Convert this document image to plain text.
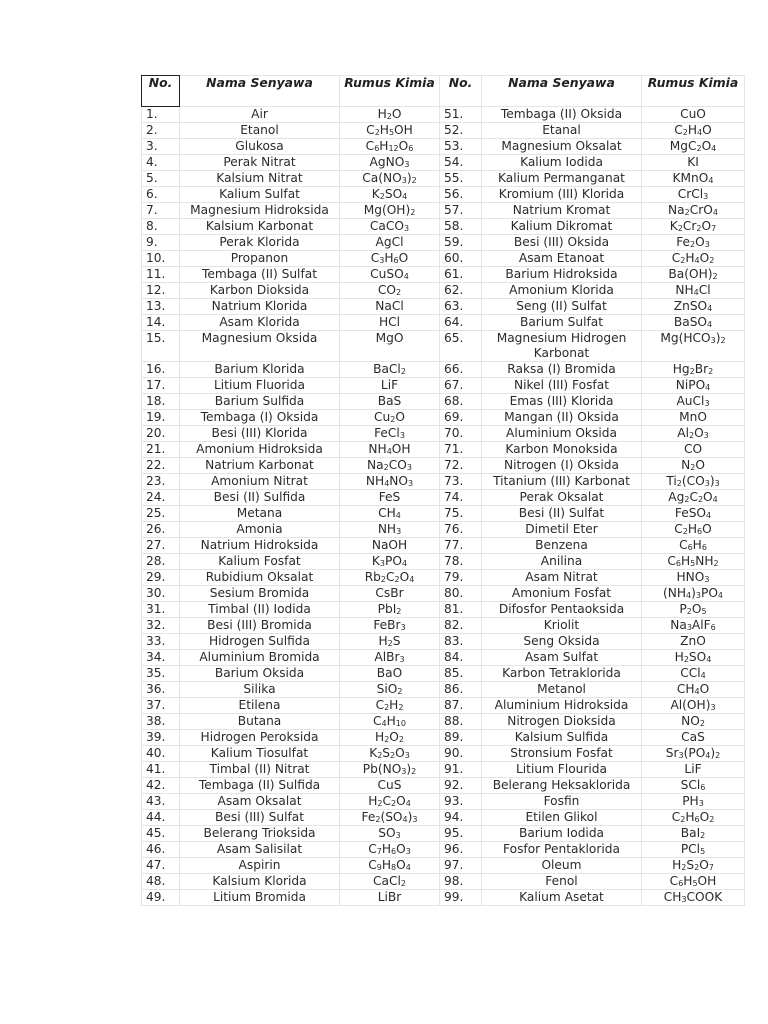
No.	Nama Senyawa	Rumus Kimia	No.	Nama Senyawa	Rumus Kimia
1.	Air	$H_2O$	51.	Tembaga (II) Oksida	CuO
2.	Etanol	$C_2H_5OH$	52.	Etanal	$C_2H_4O$
3.	Glukosa	$C_6H_{12}O_6$	53.	Magnesium Oksalat	$MgC_2O_4$
4.	Perak Nitrat	AgNO$_3$	54.	Kalium Iodida	KI
5.	Kalsium Nitrat	$Ca(NO_3)_2$	55.	Kalium Permanganat	KMnO$_4$
6.	Kalium Sulfat	$K_2SO_4$	56.	Kromium (III) Klorida	CrCl$_3$
7.	Magnesium Hidroksida	$Mg(OH)_2$	57.	Natrium Kromat	$Na_2CrO_4$
8.	Kalsium Karbonat	CaCO$_3$	58.	Kalium Dikromat	$K_2Cr_2O_7$
9.	Perak Klorida	AgCl	59.	Besi (III) Oksida	$Fe_2O_3$
10.	Propanon	$C_3H_6O$	60.	Asam Etanoat	$C_2H_4O_2$
11.	Tembaga (II) Sulfat	CuSO$_4$	61.	Barium Hidroksida	$Ba(OH)_2$
12.	Karbon Dioksida	$CO_2$	62.	Amonium Klorida	$NH_4Cl$
13.	Natrium Klorida	NaCl	63.	Seng (II) Sulfat	ZnSO$_4$
14.	Asam Klorida	HCl	64.	Barium Sulfat	BaSO$_4$
15.	Magnesium Oksida	MgO	65.	Magnesium Hidrogen Karbonat	$Mg(HCO_3)_2$
16.	Barium Klorida	BaCl$_2$	66.	Raksa (I) Bromida	$Hg_2Br_2$
17.	Litium Fluorida	LiF	67.	Nikel (III) Fosfat	NiPO$_4$
18.	Barium Sulfida	BaS	68.	Emas (III) Klorida	AuCl$_3$
19.	Tembaga (I) Oksida	$Cu_2O$	69.	Mangan (II) Oksida	MnO
20.	Besi (III) Klorida	FeCl$_3$	70.	Aluminium Oksida	$Al_2O_3$
21.	Amonium Hidroksida	$NH_4OH$	71.	Karbon Monoksida	CO
22.	Natrium Karbonat	$Na_2CO_3$	72.	Nitrogen (I) Oksida	$N_2O$
23.	Amonium Nitrat	$NH_4NO_3$	73.	Titanium (III) Karbonat	$Ti_2(CO_3)_3$
24.	Besi (II) Sulfida	FeS	74.	Perak Oksalat	$Ag_2C_2O_4$
25.	Metana	$CH_4$	75.	Besi (II) Sulfat	FeSO$_4$
26.	Amonia	$NH_3$	76.	Dimetil Eter	$C_2H_6O$
27.	Natrium Hidroksida	NaOH	77.	Benzena	$C_6H_6$
28.	Kalium Fosfat	$K_3PO_4$	78.	Anilina	$C_6H_5NH_2$
29.	Rubidium Oksalat	$Rb_2C_2O_4$	79.	Asam Nitrat	$HNO_3$
30.	Sesium Bromida	CsBr	80.	Amonium Fosfat	$(NH_4)_3PO_4$
31.	Timbal (II) Iodida	PbI$_2$	81.	Difosfor Pentaoksida	$P_2O_5$
32.	Besi (III) Bromida	FeBr$_3$	82.	Kriolit	$Na_3AlF_6$
33.	Hidrogen Sulfida	$H_2S$	83.	Seng Oksida	ZnO
34.	Aluminium Bromida	AlBr$_3$	84.	Asam Sulfat	$H_2SO_4$
35.	Barium Oksida	BaO	85.	Karbon Tetraklorida	CCl$_4$
36.	Silika	SiO$_2$	86.	Metanol	$CH_4O$
37.	Etilena	$C_2H_2$	87.	Aluminium Hidroksida	$Al(OH)_3$
38.	Butana	$C_4H_{10}$	88.	Nitrogen Dioksida	$NO_2$
39.	Hidrogen Peroksida	$H_2O_2$	89.	Kalsium Sulfida	CaS
40.	Kalium Tiosulfat	$K_2S_2O_3$	90.	Stronsium Fosfat	$Sr_3(PO_4)_2$
41.	Timbal (II) Nitrat	$Pb(NO_3)_2$	91.	Litium Flourida	LiF
42.	Tembaga (II) Sulfida	CuS	92.	Belerang Heksaklorida	SCl$_6$
43.	Asam Oksalat	$H_2C_2O_4$	93.	Fosfin	$PH_3$
44.	Besi (III) Sulfat	$Fe_2(SO_4)_3$	94.	Etilen Glikol	$C_2H_6O_2$
45.	Belerang Trioksida	$SO_3$	95.	Barium Iodida	BaI$_2$
46.	Asam Salisilat	$C_7H_6O_3$	96.	Fosfor Pentaklorida	PCl$_5$
47.	Aspirin	$C_9H_8O_4$	97.	Oleum	$H_2S_2O_7$
48.	Kalsium Klorida	CaCl$_2$	98.	Fenol	$C_6H_5OH$
49.	Litium Bromida	LiBr	99.	Kalium Asetat	$CH_3COOK$
